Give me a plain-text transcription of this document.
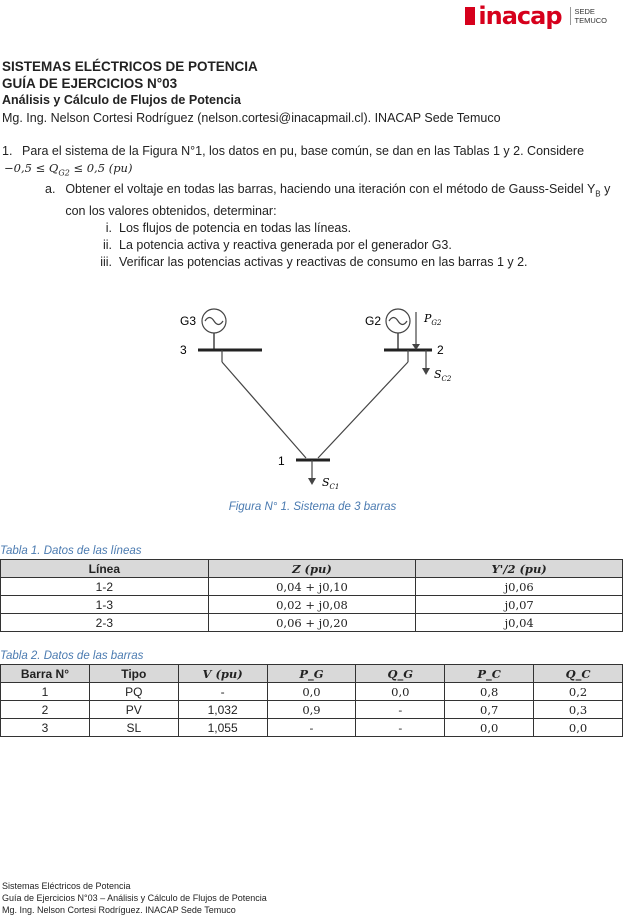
inacap SEDE
TEMUCO
SISTEMAS ELÉCTRICOS DE POTENCIA
GUÍA DE EJERCICIOS N°03
Análisis y Cálculo de Flujos de Potencia
Mg. Ing. Nelson Cortesi Rodríguez (nelson.cortesi@inacapmail.cl). INACAP Sede Temuco
1. Para el sistema de la Figura N°1, los datos en pu, base común, se dan en las Tablas 1 y 2. Considere
$-0,5 \le Q_{G2} \le 0,5$ (pu)
a. Obtener el voltaje en todas las barras, haciendo una iteración con el método de Gauss-Seidel $Y_B$ y con los valores obtenidos, determinar:
i. Los flujos de potencia en todas las líneas.
ii. La potencia activa y reactiva generada por el generador G3.
iii. Verificar las potencias activas y reactivas de consumo en las barras 1 y 2.
G3
3
G2
2
$P_{G2}$
$S_{C2}$
1
$S_{C1}$
Figura N° 1. Sistema de 3 barras
Tabla 1. Datos de las líneas
Línea	Z (pu)	Y'/2 (pu)
1-2	0,04 + j0,10	j0,06
1-3	0,02 + j0,08	j0,07
2-3	0,06 + j0,20	j0,04
Tabla 2. Datos de las barras
Barra N°	Tipo	V (pu)	P_G	Q_G	P_C	Q_C
1	PQ	-	0,0	0,0	0,8	0,2
2	PV	1,032	0,9	-	0,7	0,3
3	SL	1,055	-	-	0,0	0,0
Sistemas Eléctricos de Potencia
Guía de Ejercicios N°03 – Análisis y Cálculo de Flujos de Potencia
Mg. Ing. Nelson Cortesi Rodríguez. INACAP Sede Temuco
